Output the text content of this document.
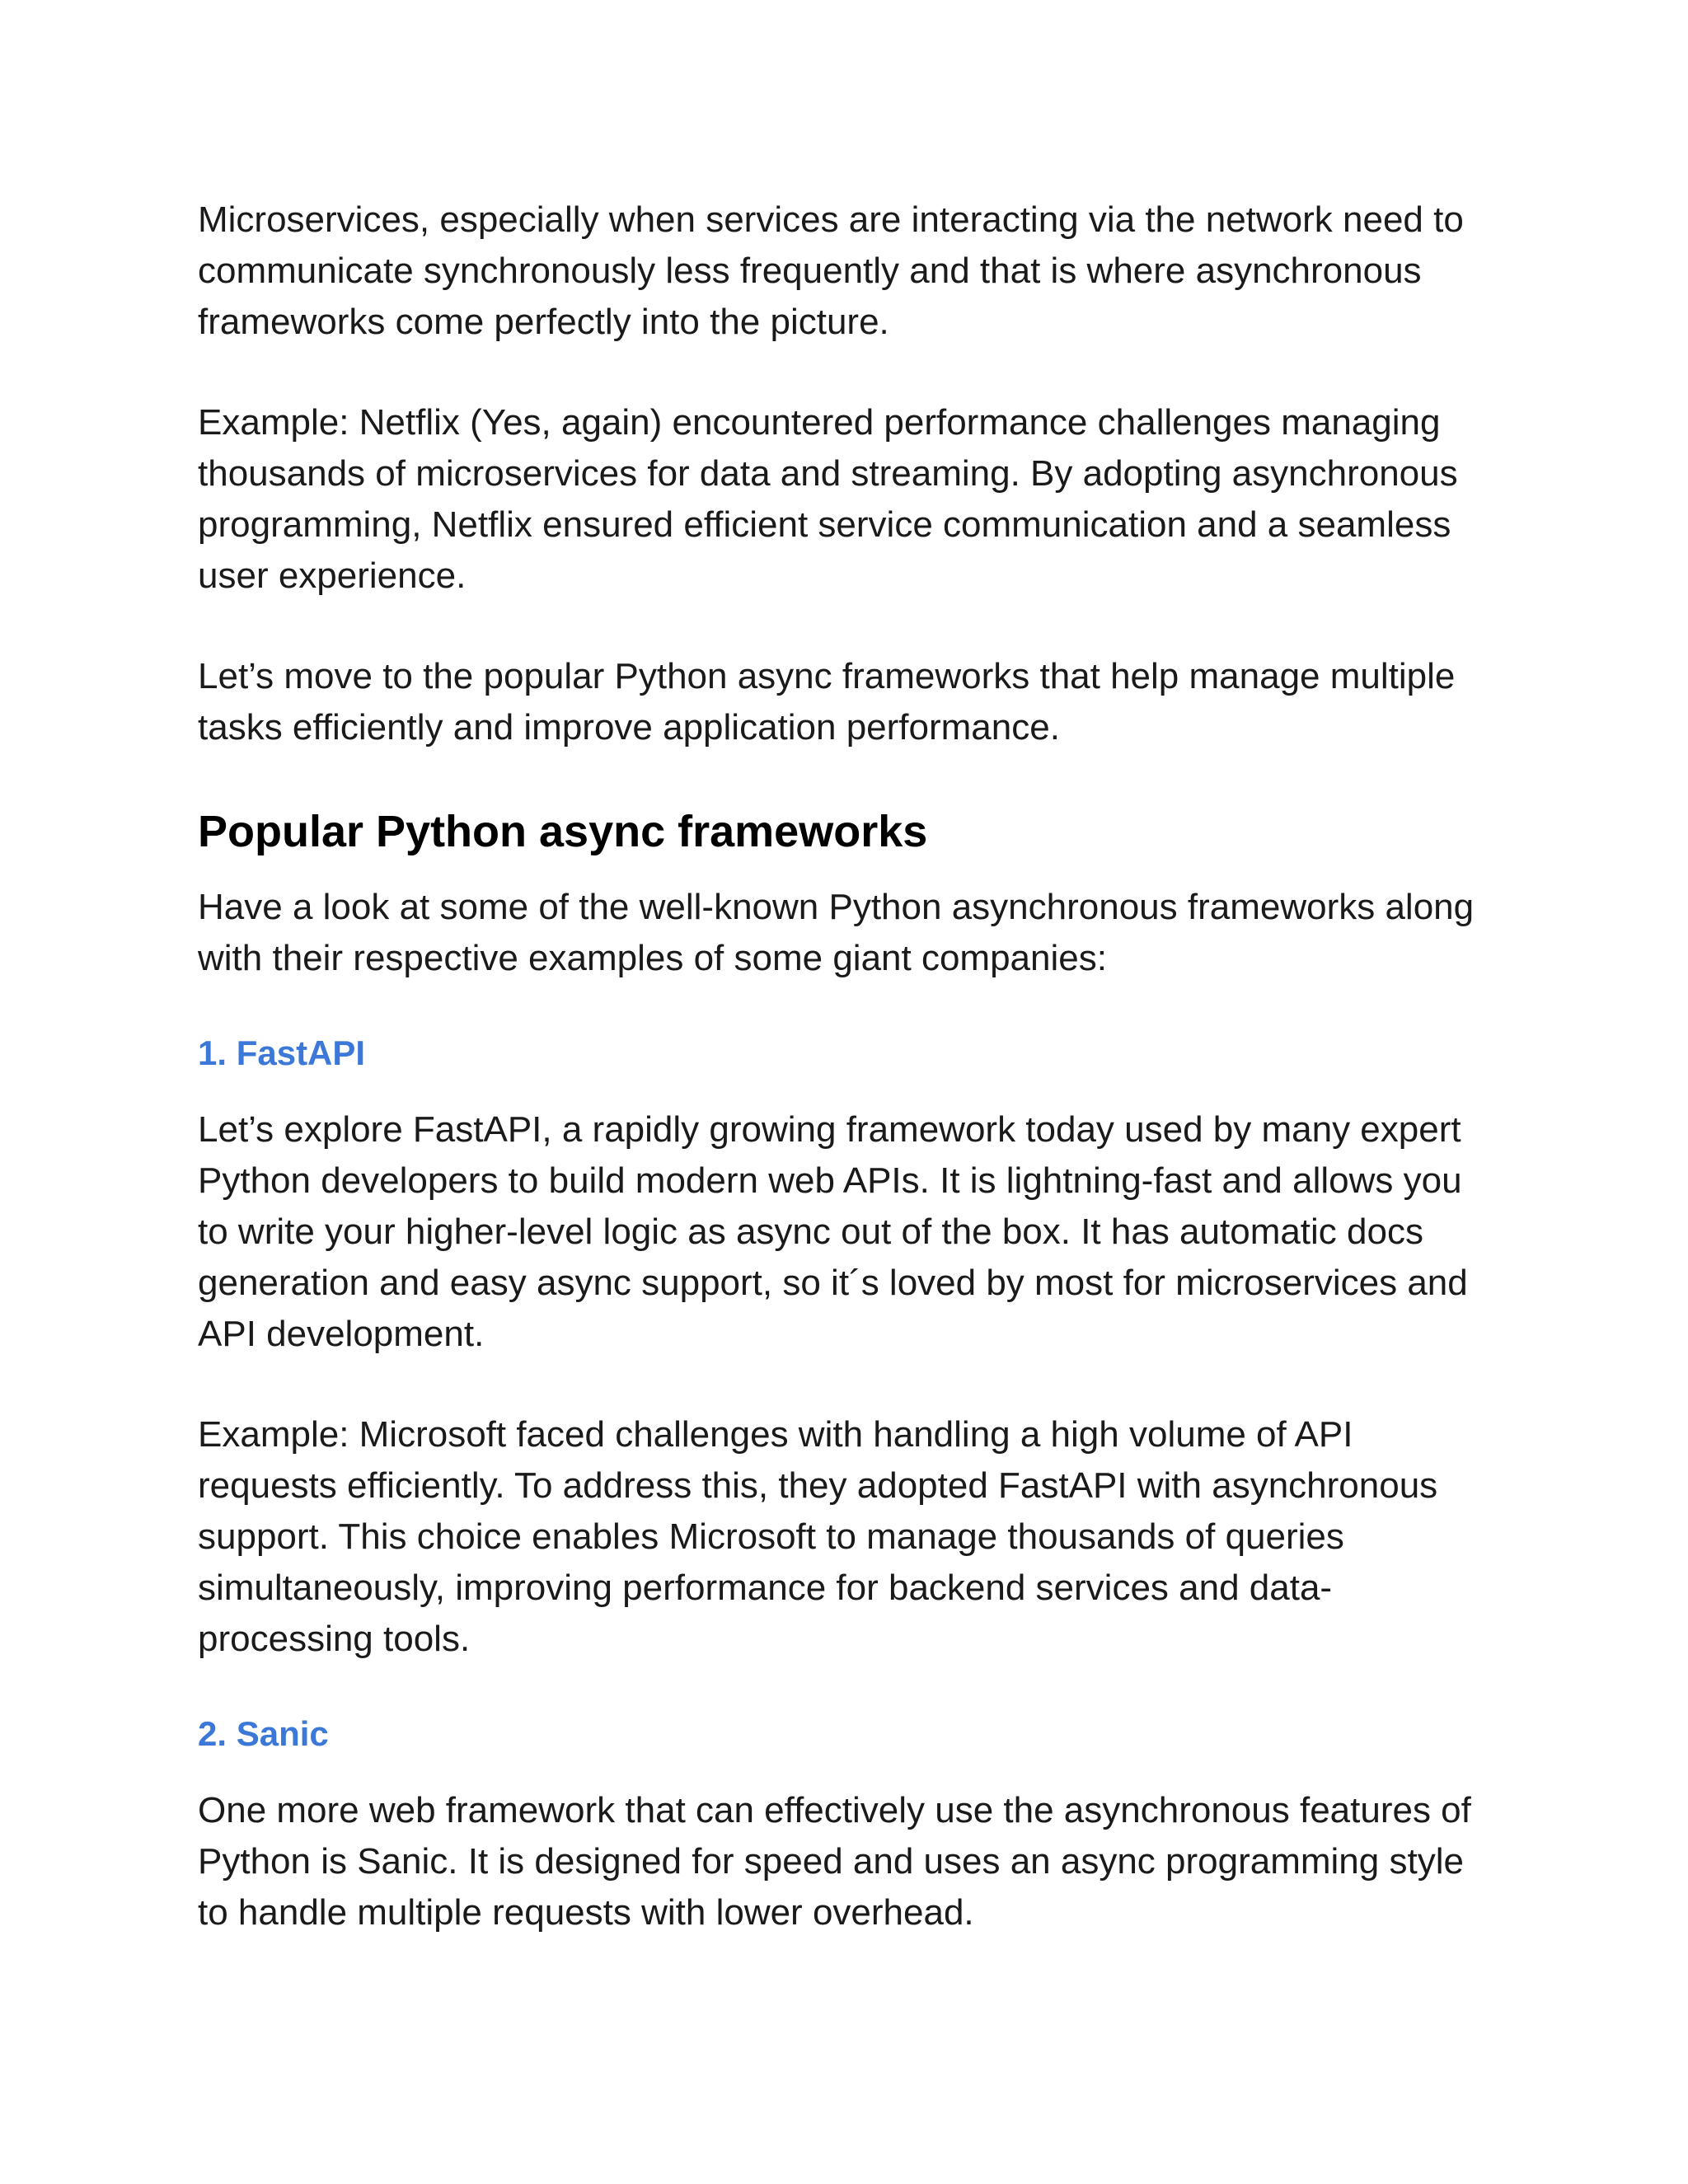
Microservices, especially when services are interacting via the network need to communicate synchronously less frequently and that is where asynchronous frameworks come perfectly into the picture.

Example: Netflix (Yes, again) encountered performance challenges managing thousands of microservices for data and streaming. By adopting asynchronous programming, Netflix ensured efficient service communication and a seamless user experience.

Let’s move to the popular Python async frameworks that help manage multiple tasks efficiently and improve application performance.

Popular Python async frameworks

Have a look at some of the well-known Python asynchronous frameworks along with their respective examples of some giant companies:

1. FastAPI

Let’s explore FastAPI, a rapidly growing framework today used by many expert Python developers to build modern web APIs. It is lightning-fast and allows you to write your higher-level logic as async out of the box. It has automatic docs generation and easy async support, so it´s loved by most for microservices and API development.

Example: Microsoft faced challenges with handling a high volume of API requests efficiently. To address this, they adopted FastAPI with asynchronous support. This choice enables Microsoft to manage thousands of queries simultaneously, improving performance for backend services and data-processing tools.

2. Sanic

One more web framework that can effectively use the asynchronous features of Python is Sanic. It is designed for speed and uses an async programming style to handle multiple requests with lower overhead.
